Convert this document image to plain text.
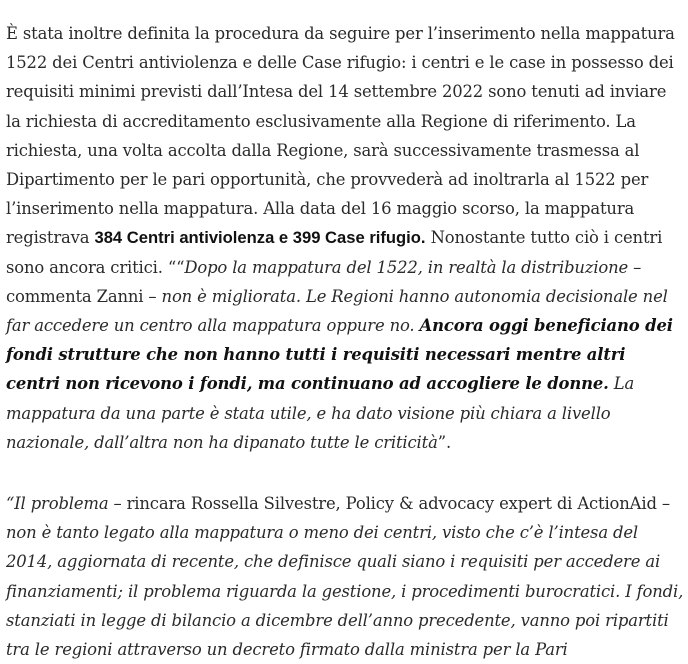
È stata inoltre definita la procedura da seguire per l’inserimento nella mappatura 1522 dei Centri antiviolenza e delle Case rifugio: i centri e le case in possesso dei requisiti minimi previsti dall’Intesa del 14 settembre 2022 sono tenuti ad inviare la richiesta di accreditamento esclusivamente alla Regione di riferimento. La richiesta, una volta accolta dalla Regione, sarà successivamente trasmessa al Dipartimento per le pari opportunità, che provvederà ad inoltrarla al 1522 per l’inserimento nella mappatura. Alla data del 16 maggio scorso, la mappatura registrava 384 Centri antiviolenza e 399 Case rifugio. Nonostante tutto ciò i centri sono ancora critici. ““Dopo la mappatura del 1522, in realtà la distribuzione – commenta Zanni – non è migliorata. Le Regioni hanno autonomia decisionale nel far accedere un centro alla mappatura oppure no. Ancora oggi beneficiano dei fondi strutture che non hanno tutti i requisiti necessari mentre altri centri non ricevono i fondi, ma continuano ad accogliere le donne. La mappatura da una parte è stata utile, e ha dato visione più chiara a livello nazionale, dall’altra non ha dipanato tutte le criticità”.

“Il problema – rincara Rossella Silvestre, Policy & advocacy expert di ActionAid – non è tanto legato alla mappatura o meno dei centri, visto che c’è l’intesa del 2014, aggiornata di recente, che definisce quali siano i requisiti per accedere ai finanziamenti; il problema riguarda la gestione, i procedimenti burocratici. I fondi, stanziati in legge di bilancio a dicembre dell’anno precedente, vanno poi ripartiti tra le regioni attraverso un decreto firmato dalla ministra per la Pari
